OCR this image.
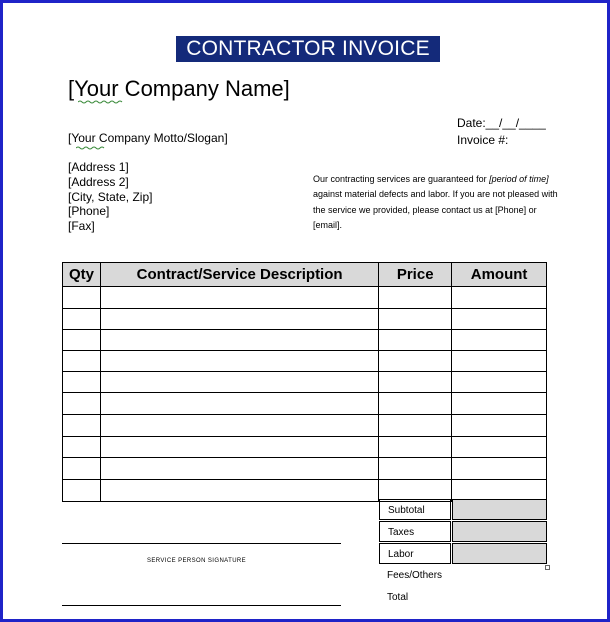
CONTRACTOR INVOICE
[Your Company Name]
[Your Company Motto/Slogan]
Date:__/__/____
Invoice #:
[Address 1]
[Address 2]
[City, State, Zip]
[Phone]
[Fax]
Our contracting services are guaranteed for [period of time] against material defects and labor. If you are not pleased with the service we provided, please contact us at [Phone] or [email].
Qty	Contract/Service Description	Price	Amount

Subtotal
Taxes
Labor
Fees/Others
Total
SERVICE PERSON SIGNATURE
